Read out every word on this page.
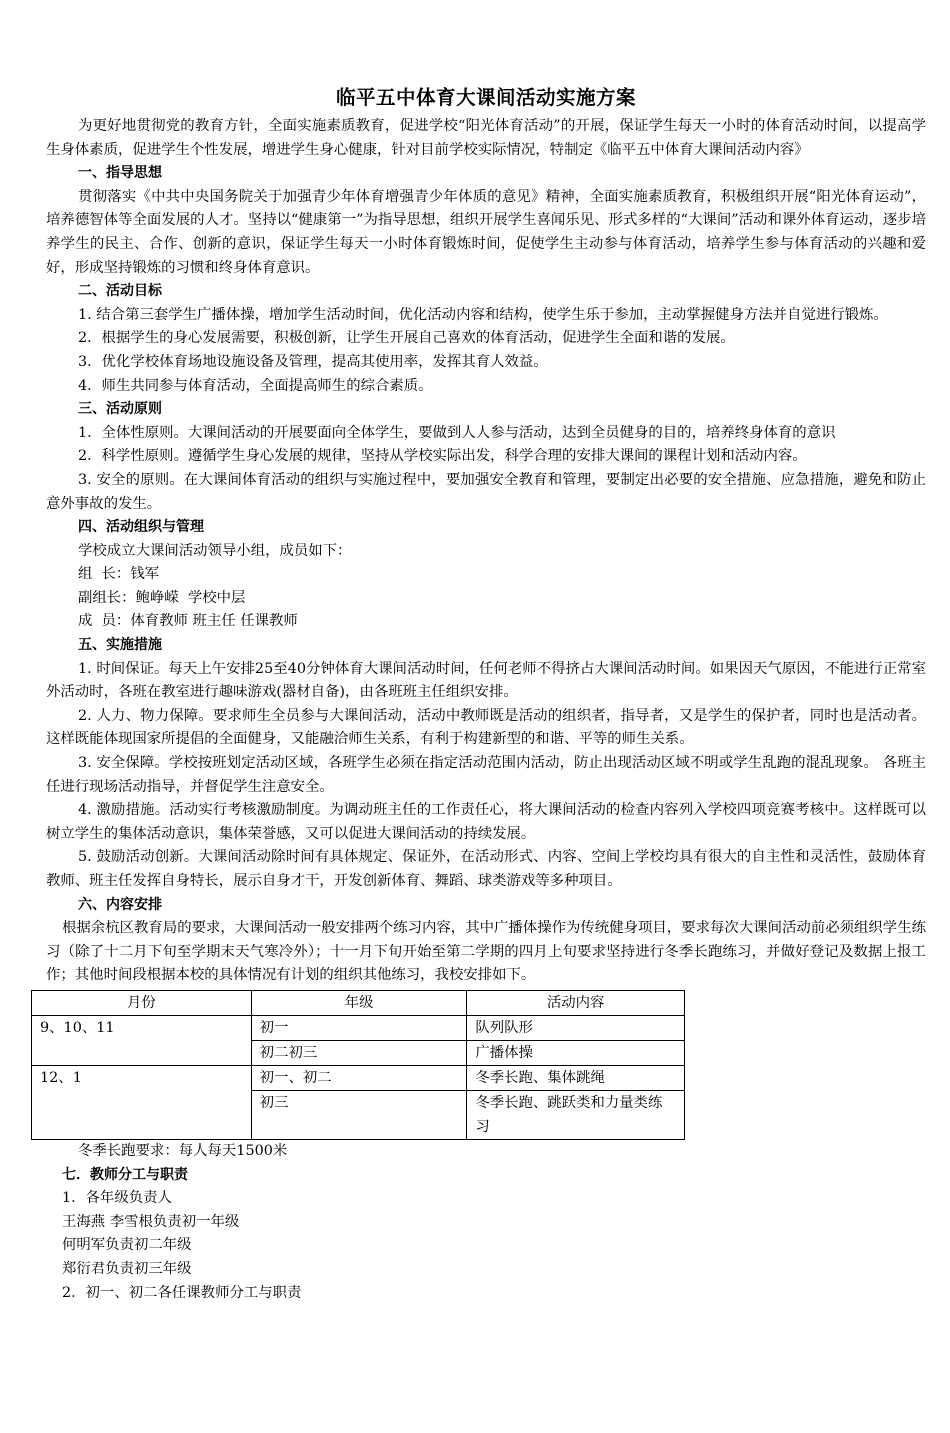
临平五中体育大课间活动实施方案

为更好地贯彻党的教育方针，全面实施素质教育，促进学校“阳光体育活动”的开展，保证学生每天一小时的体育活动时间，以提高学生身体素质，促进学生个性发展，增进学生身心健康，针对目前学校实际情况，特制定《临平五中体育大课间活动内容》

一、指导思想

贯彻落实《中共中央国务院关于加强青少年体育增强青少年体质的意见》精神，全面实施素质教育，积极组织开展“阳光体育运动”，培养德智体等全面发展的人才。坚持以“健康第一”为指导思想，组织开展学生喜闻乐见、形式多样的“大课间”活动和课外体育运动，逐步培养学生的民主、合作、创新的意识，保证学生每天一小时体育锻炼时间，促使学生主动参与体育活动，培养学生参与体育活动的兴趣和爱好，形成坚持锻炼的习惯和终身体育意识。

二、活动目标

1. 结合第三套学生广播体操，增加学生活动时间，优化活动内容和结构，使学生乐于参加，主动掌握健身方法并自觉进行锻炼。

2．根据学生的身心发展需要，积极创新，让学生开展自己喜欢的体育活动，促进学生全面和谐的发展。

3．优化学校体育场地设施设备及管理，提高其使用率，发挥其育人效益。

4．师生共同参与体育活动，全面提高师生的综合素质。

三、活动原则

1．全体性原则。大课间活动的开展要面向全体学生，要做到人人参与活动，达到全员健身的目的，培养终身体育的意识

2．科学性原则。遵循学生身心发展的规律，坚持从学校实际出发，科学合理的安排大课间的课程计划和活动内容。

3. 安全的原则。在大课间体育活动的组织与实施过程中，要加强安全教育和管理，要制定出必要的安全措施、应急措施，避免和防止意外事故的发生。

四、活动组织与管理

学校成立大课间活动领导小组，成员如下：

组  长：钱军

副组长：鲍峥嵘  学校中层

成  员：体育教师 班主任 任课教师

五、实施措施

1. 时间保证。每天上午安排25至40分钟体育大课间活动时间，任何老师不得挤占大课间活动时间。如果因天气原因，不能进行正常室外活动时，各班在教室进行趣味游戏(器材自备)，由各班班主任组织安排。

2. 人力、物力保障。要求师生全员参与大课间活动，活动中教师既是活动的组织者，指导者，又是学生的保护者，同时也是活动者。这样既能体现国家所提倡的全面健身，又能融洽师生关系，有利于构建新型的和谐、平等的师生关系。

3. 安全保障。学校按班划定活动区域，各班学生必须在指定活动范围内活动，防止出现活动区域不明或学生乱跑的混乱现象。 各班主任进行现场活动指导，并督促学生注意安全。

4. 激励措施。活动实行考核激励制度。为调动班主任的工作责任心，将大课间活动的检查内容列入学校四项竞赛考核中。这样既可以树立学生的集体活动意识，集体荣誉感，又可以促进大课间活动的持续发展。

5. 鼓励活动创新。大课间活动除时间有具体规定、保证外，在活动形式、内容、空间上学校均具有很大的自主性和灵活性，鼓励体育教师、班主任发挥自身特长，展示自身才干，开发创新体育、舞蹈、球类游戏等多种项目。

六、内容安排

根据余杭区教育局的要求，大课间活动一般安排两个练习内容，其中广播体操作为传统健身项目，要求每次大课间活动前必须组织学生练习（除了十二月下旬至学期末天气寒冷外）；十一月下旬开始至第二学期的四月上旬要求坚持进行冬季长跑练习，并做好登记及数据上报工作；其他时间段根据本校的具体情况有计划的组织其他练习，我校安排如下。

月份	年级	活动内容
9、10、11	初一	队列队形
	初二初三	广播体操
12、1	初一、初二	冬季长跑、集体跳绳
	初三	冬季长跑、跳跃类和力量类练习

冬季长跑要求：每人每天1500米

七．教师分工与职责

1．各年级负责人

王海燕 李雪根负责初一年级

何明军负责初二年级

郑衍君负责初三年级

2．初一、初二各任课教师分工与职责
